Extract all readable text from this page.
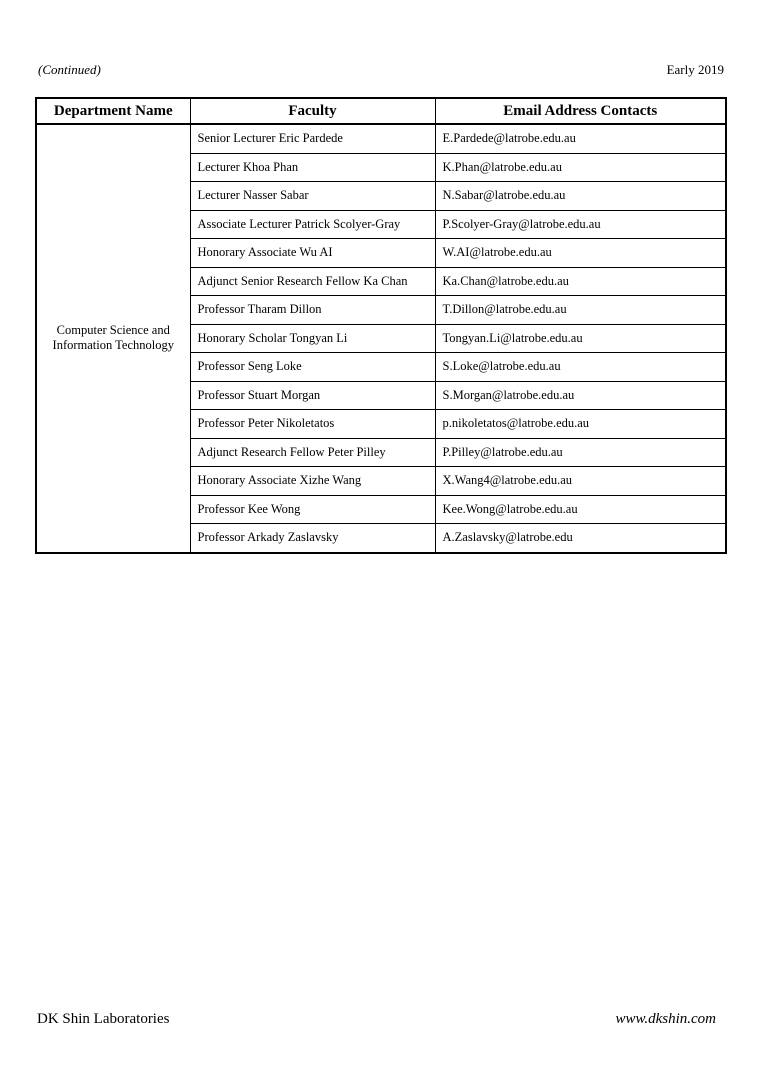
(Continued)	Early 2019
Department Name	Faculty	Email Address Contacts

Computer Science and
Information Technology	Senior Lecturer Eric Pardede	E.Pardede@latrobe.edu.au
	Lecturer Khoa Phan	K.Phan@latrobe.edu.au
	Lecturer Nasser Sabar	N.Sabar@latrobe.edu.au
	Associate Lecturer Patrick Scolyer-Gray	P.Scolyer-Gray@latrobe.edu.au
	Honorary Associate Wu AI	W.AI@latrobe.edu.au
	Adjunct Senior Research Fellow Ka Chan	Ka.Chan@latrobe.edu.au
	Professor Tharam Dillon	T.Dillon@latrobe.edu.au
	Honorary Scholar Tongyan Li	Tongyan.Li@latrobe.edu.au
	Professor Seng Loke	S.Loke@latrobe.edu.au
	Professor Stuart Morgan	S.Morgan@latrobe.edu.au
	Professor Peter Nikoletatos	p.nikoletatos@latrobe.edu.au
	Adjunct Research Fellow Peter Pilley	P.Pilley@latrobe.edu.au
	Honorary Associate Xizhe Wang	X.Wang4@latrobe.edu.au
	Professor Kee Wong	Kee.Wong@latrobe.edu.au
	Professor Arkady Zaslavsky	A.Zaslavsky@latrobe.edu
DK Shin Laboratories	www.dkshin.com
